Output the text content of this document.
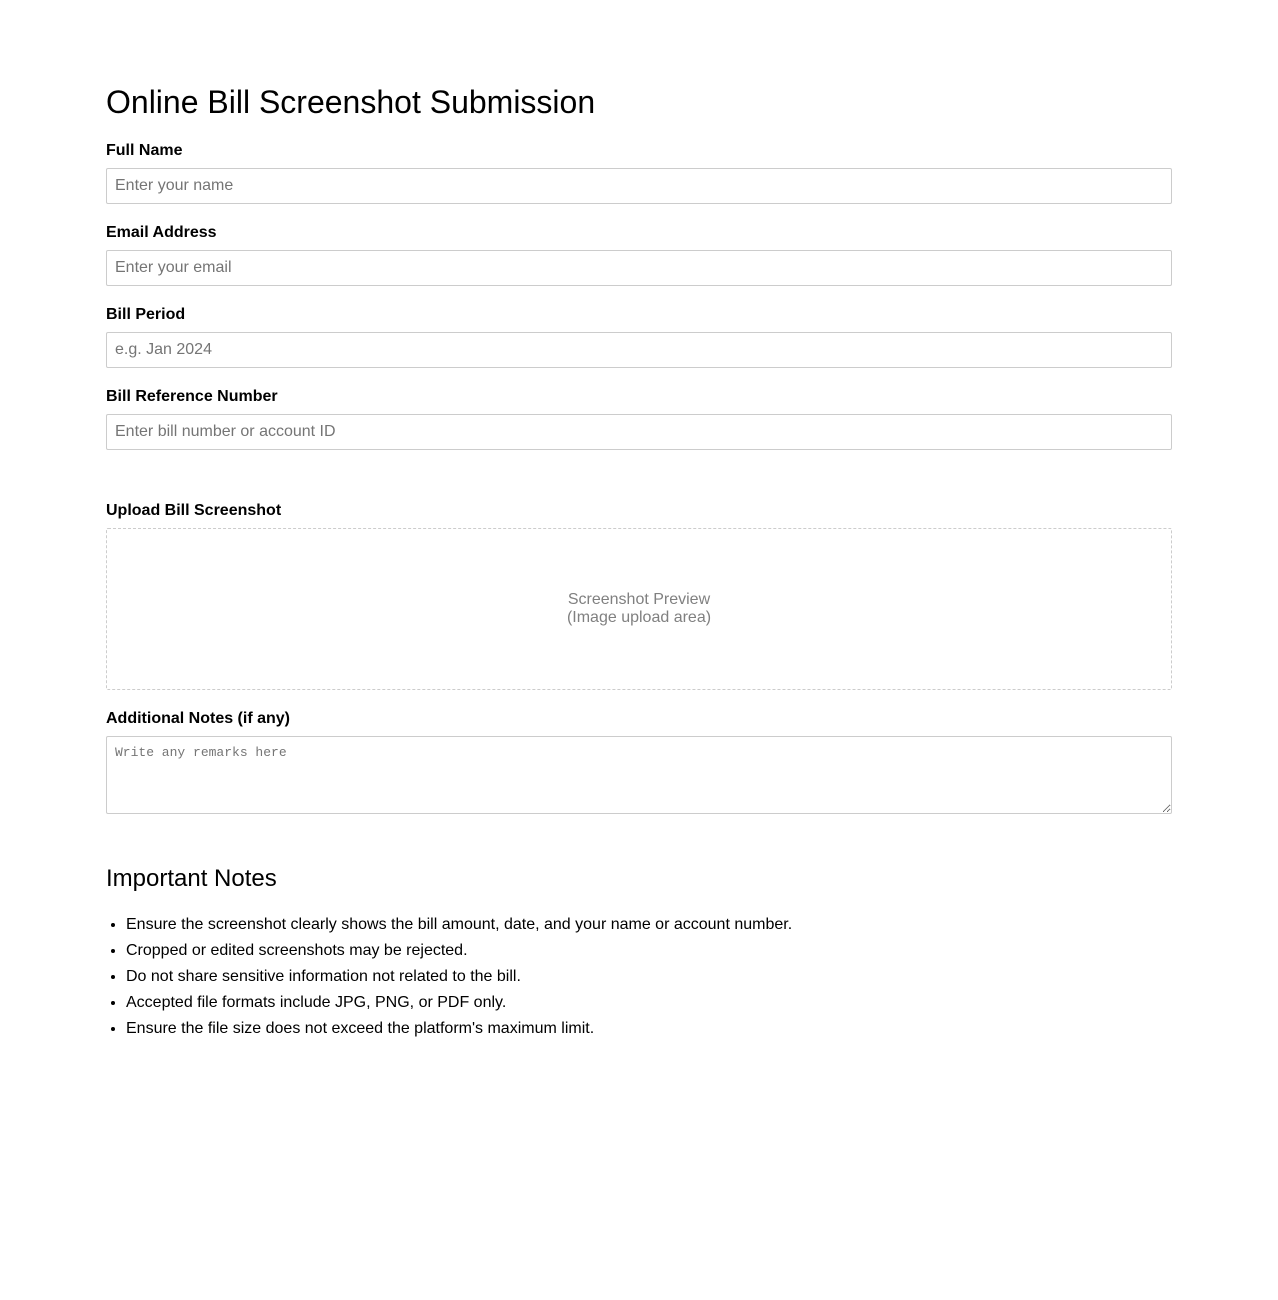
Online Bill Screenshot Submission
Full Name
Enter your name
Email Address
Enter your email
Bill Period
e.g. Jan 2024
Bill Reference Number
Enter bill number or account ID
Upload Bill Screenshot
Screenshot Preview
(Image upload area)
Additional Notes (if any)
Write any remarks here
Important Notes
• Ensure the screenshot clearly shows the bill amount, date, and your name or account number.
• Cropped or edited screenshots may be rejected.
• Do not share sensitive information not related to the bill.
• Accepted file formats include JPG, PNG, or PDF only.
• Ensure the file size does not exceed the platform's maximum limit.
